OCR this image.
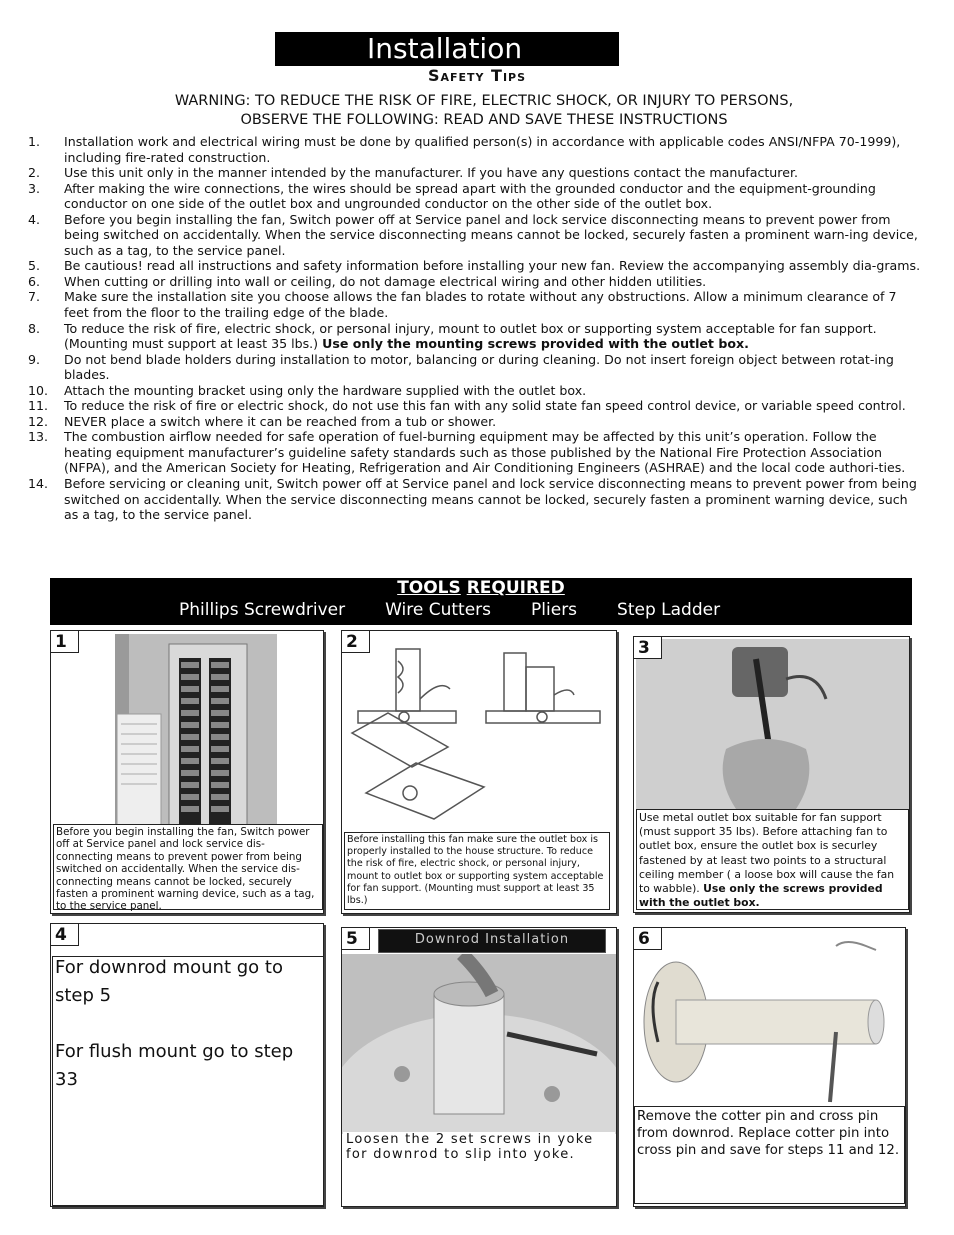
Installation
Safety Tips
WARNING: TO REDUCE THE RISK OF FIRE, ELECTRIC SHOCK, OR INJURY TO PERSONS,
OBSERVE THE FOLLOWING: READ AND SAVE THESE INSTRUCTIONS
1. Installation work and electrical wiring must be done by qualified person(s) in accordance with applicable codes ANSI/NFPA 70-1999), including fire-rated construction.
2. Use this unit only in the manner intended by the manufacturer. If you have any questions contact the manufacturer.
3. After making the wire connections, the wires should be spread apart with the grounded conductor and the equipment-grounding conductor on one side of the outlet box and ungrounded conductor on the other side of the outlet box.
4. Before you begin installing the fan, Switch power off at Service panel and lock service disconnecting means to prevent power from being switched on accidentally. When the service disconnecting means cannot be locked, securely fasten a prominent warn-ing device, such as a tag, to the service panel.
5. Be cautious! read all instructions and safety information before installing your new fan. Review the accompanying assembly dia-grams.
6. When cutting or drilling into wall or ceiling, do not damage electrical wiring and other hidden utilities.
7. Make sure the installation site you choose allows the fan blades to rotate without any obstructions. Allow a minimum clearance of 7 feet from the floor to the trailing edge of the blade.
8. To reduce the risk of fire, electric shock, or personal injury, mount to outlet box or supporting system acceptable for fan support. (Mounting must support at least 35 lbs.) Use only the mounting screws provided with the outlet box.
9. Do not bend blade holders during installation to motor, balancing or during cleaning. Do not insert foreign object between rotat-ing blades.
10. Attach the mounting bracket using only the hardware supplied with the outlet box.
11. To reduce the risk of fire or electric shock, do not use this fan with any solid state fan speed control device, or variable speed control.
12. NEVER place a switch where it can be reached from a tub or shower.
13. The combustion airflow needed for safe operation of fuel-burning equipment may be affected by this unit’s operation. Follow the heating equipment manufacturer’s guideline safety standards such as those published by the National Fire Protection Association (NFPA), and the American Society for Heating, Refrigeration and Air Conditioning Engineers (ASHRAE) and the local code authori-ties.
14. Before servicing or cleaning unit, Switch power off at Service panel and lock service disconnecting means to prevent power from being switched on accidentally. When the service disconnecting means cannot be locked, securely fasten a prominent warning device, such as a tag, to the service panel.
TOOLS REQUIRED
Phillips Screwdriver Wire Cutters Pliers Step Ladder
1
Before you begin installing the fan, Switch power off at Service panel and lock service dis-connecting means to prevent power from being switched on accidentally. When the service dis-connecting means cannot be locked, securely fasten a prominent warning device, such as a tag, to the service panel.
2
Before installing this fan make sure the outlet box is properly installed to the house structure. To reduce the risk of fire, electric shock, or personal injury, mount to outlet box or supporting system acceptable for fan support. (Mounting must support at least 35 lbs.)
3
Use metal outlet box suitable for fan support (must support 35 lbs). Before attaching fan to outlet box, ensure the outlet box is securley fastened by at least two points to a structural ceiling member ( a loose box will cause the fan to wabble). Use only the screws provided with the outlet box.
4
For downrod mount go to step 5
For flush mount go to step 33
5
Loosen the 2 set screws in yoke for downrod to slip into yoke.
Downrod Installation	6
Remove the cotter pin and cross pin from downrod. Replace cotter pin into cross pin and save for steps 11 and 12.
